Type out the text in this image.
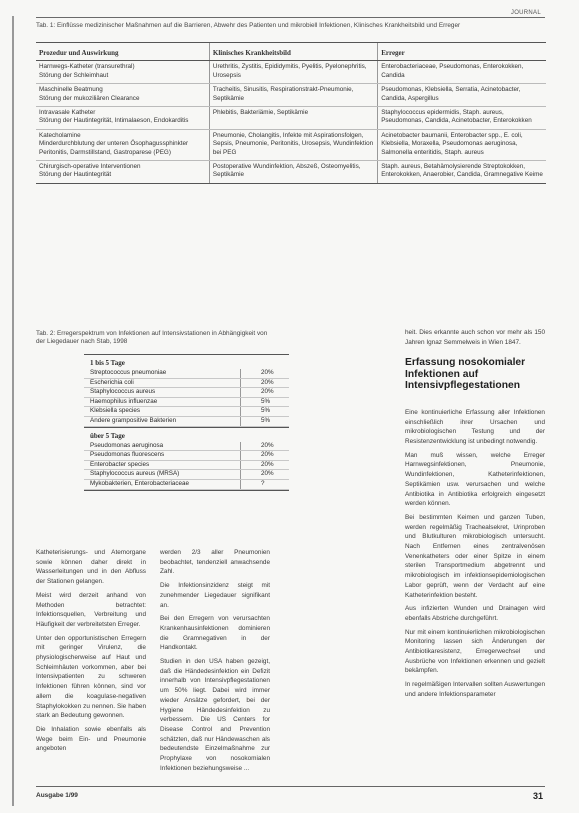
JOURNAL
Tab. 1: Einflüsse medizinischer Maßnahmen auf die Barrieren, Abwehr des Patienten und mikrobiell Infektionen, Klinisches Krankheitsbild und Erreger
Prozedur und Auswirkung	Klinisches Krankheitsbild	Erreger

Harnwegs-Katheter (transurethral)
Störung der Schleimhaut	Urethritis, Zystitis, Epididymitis, Pyelitis, Pyelonephritis, Urosepsis	Enterobacteriaceae, Pseudomonas, Enterokokken, Candida

Maschinelle Beatmung
Störung der mukoziliären Clearance	Tracheitis, Sinusitis, Respirationstrakt-Pneumonie, Septikämie	Pseudomonas, Klebsiella, Serratia, Acinetobacter, Candida, Aspergillus

Intravasale Katheter
Störung der Hautintegrität, Intimalaeson, Endokarditis	Phlebitis, Bakteriämie, Septikämie	Staphylococcus epidermidis, Staph. aureus, Pseudomonas, Candida, Acinetobacter, Enterokokken

Katecholamine
Minderdurchblutung der unteren Ösophagussphinkter
Peritonitis, Darmstillstand, Gastroparese (PEG)	Pneumonie, Cholangitis, Infekte mit Aspirationsfolgen, Sepsis, Pneumonie, Peritonitis, Urosepsis, Wundinfektion bei PEG	Acinetobacter baumanii, Enterobacter spp., E. coli, Klebsiella, Moraxella, Pseudomonas aeruginosa, Salmonella enteritidis, Staph. aureus

Chirurgisch-operative Interventionen
Störung der Hautintegrität	Postoperative Wundinfektion, Abszeß, Osteomyelitis, Septikämie	Staph. aureus, Betahämolysierende Streptokokken, Enterokokken, Anaerobier, Candida, Gramnegative Keime
Tab. 2: Erregerspektrum von Infektionen auf Intensivstationen in Abhängigkeit von der Liegedauer nach Stab, 1998
1 bis 5 Tage
Streptococcus pneumoniae	20%
Escherichia coli	20%
Staphylococcus aureus	20%
Haemophilus influenzae	5%
Klebsiella species	5%
Andere grampositive Bakterien	5%
über 5 Tage
Pseudomonas aeruginosa	20%
Pseudomonas fluorescens	20%
Enterobacter species	20%
Staphylococcus aureus (MRSA)	20%
Mykobakterien, Enterobacteriaceae	?

Katheterisierungs- und Atemorgane sowie können daher direkt in Wasserleitungen und in den Abfluss der Stationen gelangen.

Meist wird derzeit anhand von Methoden betrachtet: Infektionsquellen, Verbreitung und Häufigkeit der verbreitetsten Erreger.

Unter den opportunistischen Erregern mit geringer Virulenz, die physiologischerweise auf Haut und Schleimhäuten vorkommen, aber bei Intensivpatienten zu schweren Infektionen führen können, sind vor allem die koagulase-negativen Staphylokokken zu nennen. Sie haben stark an Bedeutung gewonnen.

Die Inhalation sowie ebenfalls als Wege beim Ein- und Pneumonie angeboten

werden 2/3 aller Pneumonien beobachtet, tendenziell anwachsende Zahl.

Die Infektionsinzidenz steigt mit zunehmender Liegedauer signifikant an.

Bei den Erregern von verursachten Krankenhausinfektionen dominieren die Gramnegativen in der Handkontakt.

Studien in den USA haben gezeigt, daß die Händedesinfektion ein Defizit innerhalb von Intensivpflegestationen um 50% liegt. Dabei wird immer wieder Ansätze gefordert, bei der Hygiene Händedesinfektion zu verbessern. Die US Centers for Disease Control and Prevention schätzten, daß nur Händewaschen als bedeutendste Einzelmaßnahme zur Prophylaxe von nosokomialen Infektionen beziehungsweise ...

heit. Dies erkannte auch schon vor mehr als 150 Jahren Ignaz Semmelweis in Wien 1847.

Erfassung nosokomialer Infektionen auf Intensivpflegestationen

Eine kontinuierliche Erfassung aller Infektionen einschließlich ihrer Ursachen und mikrobiologischen Testung und der Resistenzentwicklung ist unbedingt notwendig.

Man muß wissen, welche Erreger Harnwegsinfektionen, Pneumonie, Wundinfektionen, Katheterinfektionen, Septikämien usw. verursachen und welche Antibiotika in Antibiotika erfolgreich eingesetzt werden können.

Bei bestimmten Keimen und ganzen Tuben, werden regelmäßig Trachealsekret, Urinproben und Blutkulturen mikrobiologisch untersucht. Nach Entfernen eines zentralvenösen Venenkatheters oder einer Spitze in einem sterilen Transportmedium abgetrennt und mikrobiologisch im infektionsepidemiologischen Labor geprüft, wenn der Verdacht auf eine Katheterinfektion besteht.

Aus infizierten Wunden und Drainagen wird ebenfalls Abstriche durchgeführt.

Nur mit einem kontinuierlichen mikrobiologischen Monitoring lassen sich Änderungen der Antibiotikaresistenz, Erregerwechsel und Ausbrüche von Infektionen erkennen und gezielt bekämpfen.

In regelmäßigen Intervallen sollten Auswertungen und andere Infektionsparameter

Ausgabe 1/99	31
